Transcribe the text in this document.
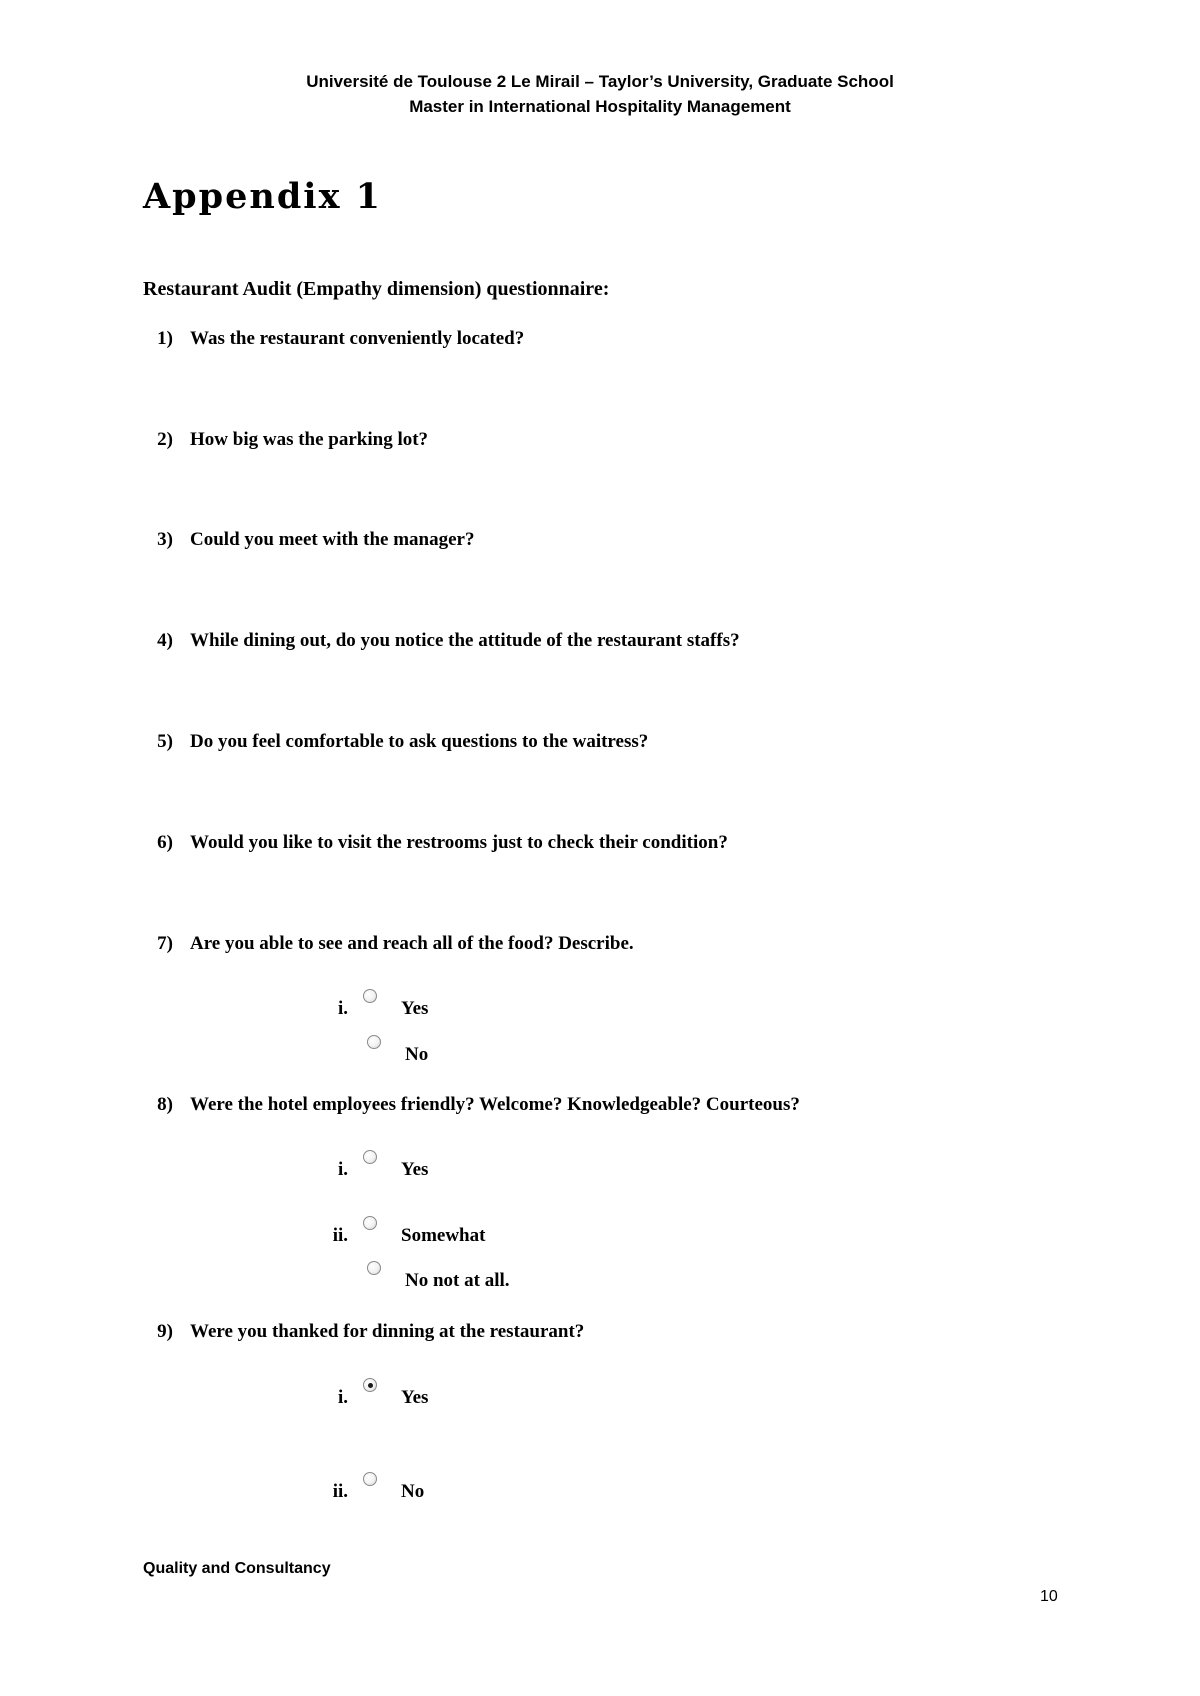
Université de Toulouse 2 Le Mirail – Taylor’s University, Graduate School
Master in International Hospitality Management
Appendix 1
Restaurant Audit (Empathy dimension) questionnaire:
1) Was the restaurant conveniently located?
2) How big was the parking lot?
3) Could you meet with the manager?
4) While dining out, do you notice the attitude of the restaurant staffs?
5) Do you feel comfortable to ask questions to the waitress?
6) Would you like to visit the restrooms just to check their condition?
7) Are you able to see and reach all of the food? Describe.
i.	Yes
No
8) Were the hotel employees friendly? Welcome? Knowledgeable? Courteous?
i.	Yes
ii.	Somewhat
No not at all.
9) Were you thanked for dinning at the restaurant?
i.	Yes
ii.	No
Quality and Consultancy
10
